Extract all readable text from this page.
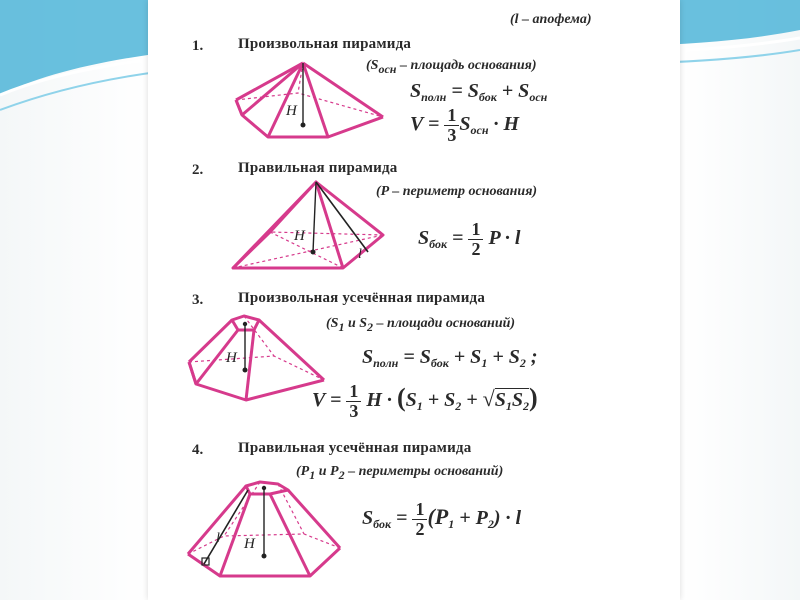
(l – апофема)
1. Произвольная пирамида
(Sосн – площадь основания)
$S_{полн} = S_{бок} + S_{осн}$
$V = \frac{1}{3} S_{осн} \cdot H$
H
2. Правильная пирамида
(P – периметр основания)
$S_{бок} = \frac{1}{2}$ P · l
H
l
3. Произвольная усечённая пирамида
(S1 и S2 – площади оснований)
$S_{полн} = S_{бок} + S_1 + S_2$ ;
$V = \frac{1}{3}$ $H \cdot (S_1 + S_2 + √S_1S_2)$
H
4. Правильная усечённая пирамида
(P1 и P2 – периметры оснований)
$S_{бок} = \frac{1}{2} (P_1 + P_2) \cdot l$
H
l
